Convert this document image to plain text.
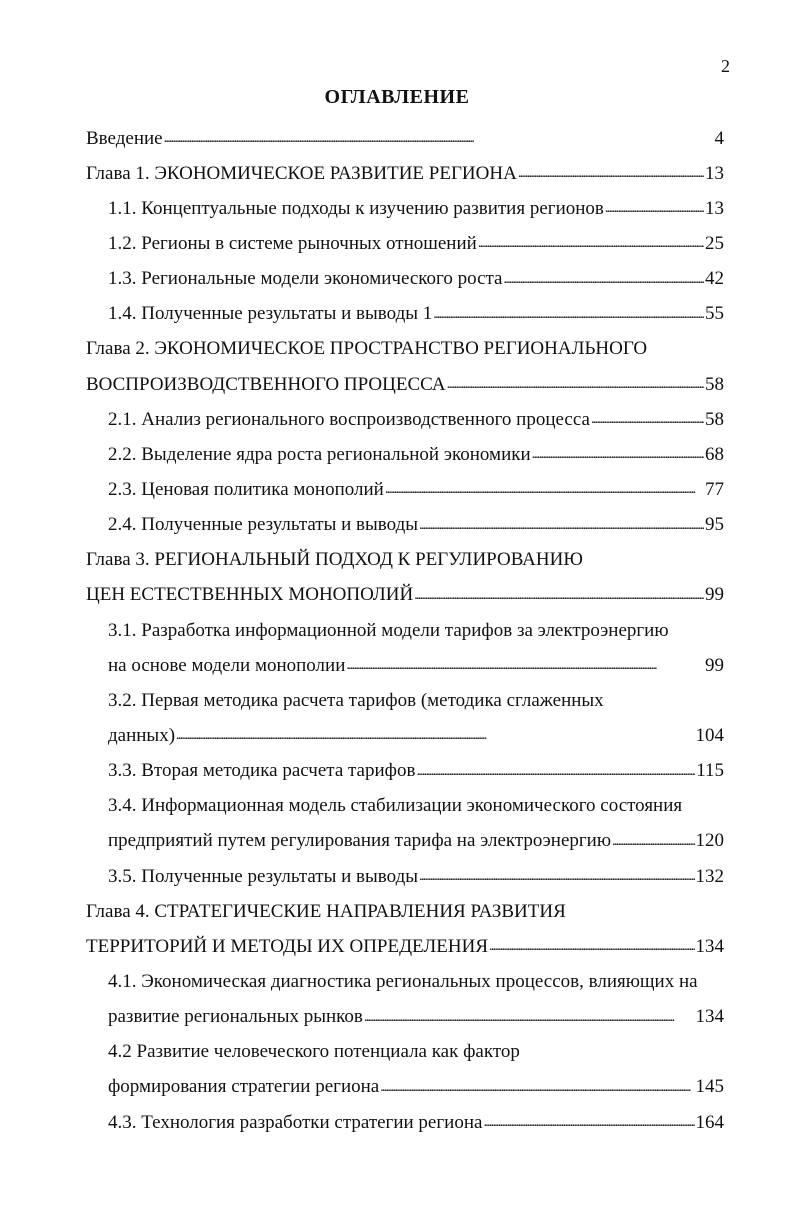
2
ОГЛАВЛЕНИЕ
Введение . . .	4
Глава 1. ЭКОНОМИЧЕСКОЕ РАЗВИТИЕ РЕГИОНА . . .	13
1.1. Концептуальные подходы к изучению развития регионов . . .	13
1.2. Регионы в системе рыночных отношений . . .	25
1.3. Региональные модели экономического роста . . .	42
1.4. Полученные результаты и выводы 1 . . .	55
Глава 2. ЭКОНОМИЧЕСКОЕ ПРОСТРАНСТВО РЕГИОНАЛЬНОГО
ВОСПРОИЗВОДСТВЕННОГО ПРОЦЕССА . . .	58
2.1. Анализ регионального воспроизводственного процесса . . .	58
2.2. Выделение ядра роста региональной экономики . . .	68
2.3. Ценовая политика монополий . . .	77
2.4. Полученные результаты и выводы . . .	95
Глава 3. РЕГИОНАЛЬНЫЙ ПОДХОД К РЕГУЛИРОВАНИЮ
ЦЕН ЕСТЕСТВЕННЫХ МОНОПОЛИЙ . . .	99
3.1. Разработка информационной модели тарифов за электроэнергию
на основе модели монополии . . .	99
3.2. Первая методика расчета тарифов (методика сглаженных
данных) . . .	104
3.3. Вторая методика расчета тарифов . . .	115
3.4. Информационная модель стабилизации экономического состояния
предприятий путем регулирования тарифа на электроэнергию . . .	120
3.5. Полученные результаты и выводы . . .	132
Глава 4. СТРАТЕГИЧЕСКИЕ НАПРАВЛЕНИЯ РАЗВИТИЯ
ТЕРРИТОРИЙ И МЕТОДЫ ИХ ОПРЕДЕЛЕНИЯ . . .	134
4.1. Экономическая диагностика региональных процессов, влияющих на
развитие региональных рынков . . .	134
4.2 Развитие человеческого потенциала как фактор
формирования стратегии региона . . .	145
4.3. Технология разработки стратегии региона . . .	164
